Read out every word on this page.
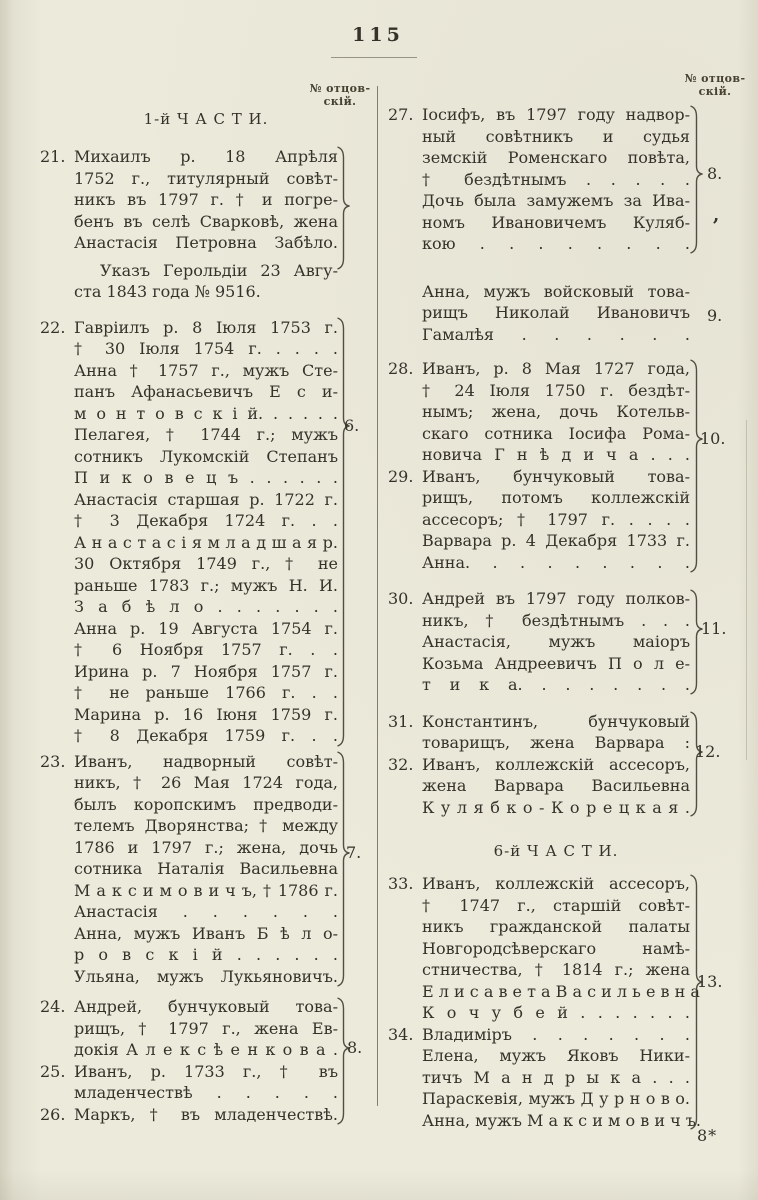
115
№ отцов-
скій.
№ отцов-
скій.
1-й Ч А С Т И.
21. Михаилъ р. 18 Апрѣля
1752 г., титулярный совѣт-
никъ въ 1797 г. † и погре-
бенъ въ селѣ Сварковѣ, жена
Анастасія Петровна Забѣло.
Указъ Герольдіи 23 Авгу-
ста 1843 года № 9516.
22. Гавріилъ р. 8 Іюля 1753 г.
† 30 Іюля 1754 г. . . . .
Анна † 1757 г., мужъ Сте-
панъ Афанасьевичъ Е с и-
м о н т о в с к і й. . . . . .
Пелагея, † 1744 г.; мужъ
сотникъ Лукомскій Степанъ
П и к о в е ц ъ . . . . . .
Анастасія старшая р. 1722 г.
† 3 Декабря 1724 г. . .
А н а с т а с і я м л а д ш а я р.
30 Октября 1749 г., † не
раньше 1783 г.; мужъ Н. И.
З а б ѣ л о . . . . . . .
Анна р. 19 Августа 1754 г.
† 6 Ноября 1757 г. . .
Ирина р. 7 Ноября 1757 г.
† не раньше 1766 г. . .
Марина р. 16 Іюня 1759 г.
† 8 Декабря 1759 г. . .
23. Иванъ, надворный совѣт-
никъ, † 26 Мая 1724 года,
былъ коропскимъ предводи-
телемъ Дворянства; † между
1786 и 1797 г.; жена, дочь
сотника Наталія Васильевна
М а к с и м о в и ч ъ, † 1786 г.
Анастасія . . . . . .
Анна, мужъ Иванъ Б ѣ л о-
р о в с к і й . . . . . .
Ульяна, мужъ Лукьяновичъ.
24. Андрей, бунчуковый това-
рищъ, † 1797 г., жена Ев-
докія А л е к с ѣ е н к о в а .
25. Иванъ, р. 1733 г., † въ
младенчествѣ . . . . .
26. Маркъ, † въ младенчествѣ.
27. Іосифъ, въ 1797 году надвор-
ный совѣтникъ и судья
земскій Роменскаго повѣта,
† бездѣтнымъ . . . . .
Дочь была замужемъ за Ива-
номъ Ивановичемъ Куляб-
кою . . . . . . . .
Анна, мужъ войсковый това-
рищъ Николай Ивановичъ
Гамалѣя . . . . . .
28. Иванъ, р. 8 Мая 1727 года,
† 24 Іюля 1750 г. бездѣт-
нымъ; жена, дочь Котельв-
скаго сотника Іосифа Рома-
новича Г н ѣ д и ч а . . .
29. Иванъ, бунчуковый това-
рищъ, потомъ коллежскій
ассесоръ; † 1797 г. . . . .
Варвара р. 4 Декабря 1733 г.
Анна. . . . . . . . .
30. Андрей въ 1797 году полков-
никъ, † бездѣтнымъ . . .
Анастасія, мужъ маіоръ
Козьма Андреевичъ П о л е-
т и к а. . . . . . . .
31. Константинъ, бунчуковый
товарищъ, жена Варвара :
32. Иванъ, коллежскій ассесоръ,
жена Варвара Васильевна
К у л я б к о - К о р е ц к а я .
6-й Ч А С Т И.
33. Иванъ, коллежскій ассесоръ,
† 1747 г., старшій совѣт-
никъ гражданской палаты
Новгородсѣверскаго намѣ-
стничества, † 1814 г.; жена
Е л и с а в е т а В а с и л ь е в н а
К о ч у б е й . . . . . . .
34. Владиміръ . . . . . . .
Елена, мужъ Яковъ Ники-
тичъ М а н д р ы к а . . .
Параскевія, мужъ Д у р н о в о.
Анна, мужъ М а к с и м о в и ч ъ.
6.
7.
8.
8.
,
9.
10.
11.
12.
13.
8*
